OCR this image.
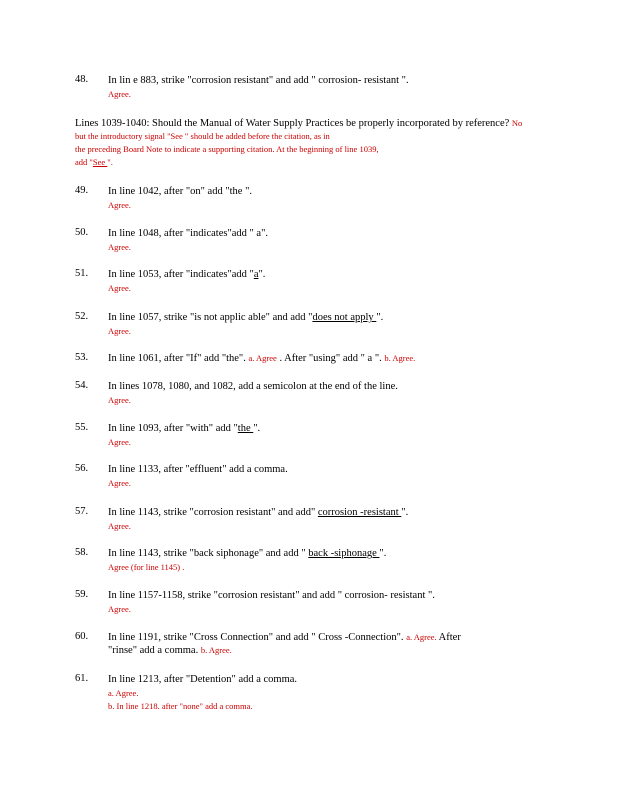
48. In lin e 883, strike "corrosion resistant" and add " corrosion- resistant ".
Agree.
Lines 1039-1040: Should the Manual of Water Supply Practices be properly incorporated by reference? No but the introductory signal "See " should be added before the citation, as in
the preceding Board Note to indicate a supporting citation. At the beginning of line 1039,
add "See ".
49. In line 1042, after "on" add "the ".
Agree.
50. In line 1048, after "indicates"add " a".
Agree.
51. In line 1053, after "indicates"add "a".
Agree.
52. In line 1057, strike "is not applic able" and add "does not apply ".
Agree.
53. In line 1061, after "If" add "the". a. Agree . After "using" add " a ". b. Agree.
54. In lines 1078, 1080, and 1082, add a semicolon at the end of the line.
Agree.
55. In line 1093, after "with" add "the ".
Agree.
56. In line 1133, after "effluent" add a comma.
Agree.
57. In line 1143, strike "corrosion resistant" and add" corrosion -resistant ".
Agree.
58. In line 1143, strike "back siphonage" and add " back -siphonage ".
Agree (for line 1145) .
59. In line 1157-1158, strike "corrosion resistant" and add " corrosion- resistant ".
Agree.
60. In line 1191, strike "Cross Connection" and add " Cross -Connection". a. Agree. After
"rinse" add a comma. b. Agree.
61. In line 1213, after "Detention" add a comma.
a. Agree.
b. In line 1218. after "none" add a comma.
